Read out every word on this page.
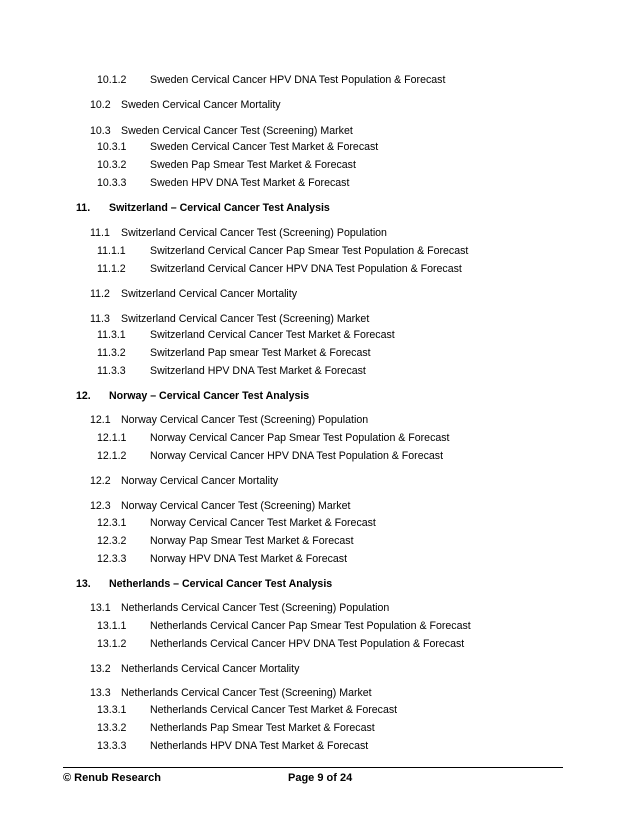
10.1.2 Sweden Cervical Cancer HPV DNA Test Population & Forecast
10.2 Sweden Cervical Cancer Mortality
10.3 Sweden Cervical Cancer Test (Screening) Market
10.3.1 Sweden Cervical Cancer Test Market & Forecast
10.3.2 Sweden Pap Smear Test Market & Forecast
10.3.3 Sweden HPV DNA Test Market & Forecast
11. Switzerland – Cervical Cancer Test Analysis
11.1 Switzerland Cervical Cancer Test (Screening) Population
11.1.1 Switzerland Cervical Cancer Pap Smear Test Population & Forecast
11.1.2 Switzerland Cervical Cancer HPV DNA Test Population & Forecast
11.2 Switzerland Cervical Cancer Mortality
11.3 Switzerland Cervical Cancer Test (Screening) Market
11.3.1 Switzerland Cervical Cancer Test Market & Forecast
11.3.2 Switzerland Pap smear Test Market & Forecast
11.3.3 Switzerland HPV DNA Test Market & Forecast
12. Norway – Cervical Cancer Test Analysis
12.1 Norway Cervical Cancer Test (Screening) Population
12.1.1 Norway Cervical Cancer Pap Smear Test Population & Forecast
12.1.2 Norway Cervical Cancer HPV DNA Test Population & Forecast
12.2 Norway Cervical Cancer Mortality
12.3 Norway Cervical Cancer Test (Screening) Market
12.3.1 Norway Cervical Cancer Test Market & Forecast
12.3.2 Norway Pap Smear Test Market & Forecast
12.3.3 Norway HPV DNA Test Market & Forecast
13. Netherlands – Cervical Cancer Test Analysis
13.1 Netherlands Cervical Cancer Test (Screening) Population
13.1.1 Netherlands Cervical Cancer Pap Smear Test Population & Forecast
13.1.2 Netherlands Cervical Cancer HPV DNA Test Population & Forecast
13.2 Netherlands Cervical Cancer Mortality
13.3 Netherlands Cervical Cancer Test (Screening) Market
13.3.1 Netherlands Cervical Cancer Test Market & Forecast
13.3.2 Netherlands Pap Smear Test Market & Forecast
13.3.3 Netherlands HPV DNA Test Market & Forecast
© Renub Research	Page 9 of 24
